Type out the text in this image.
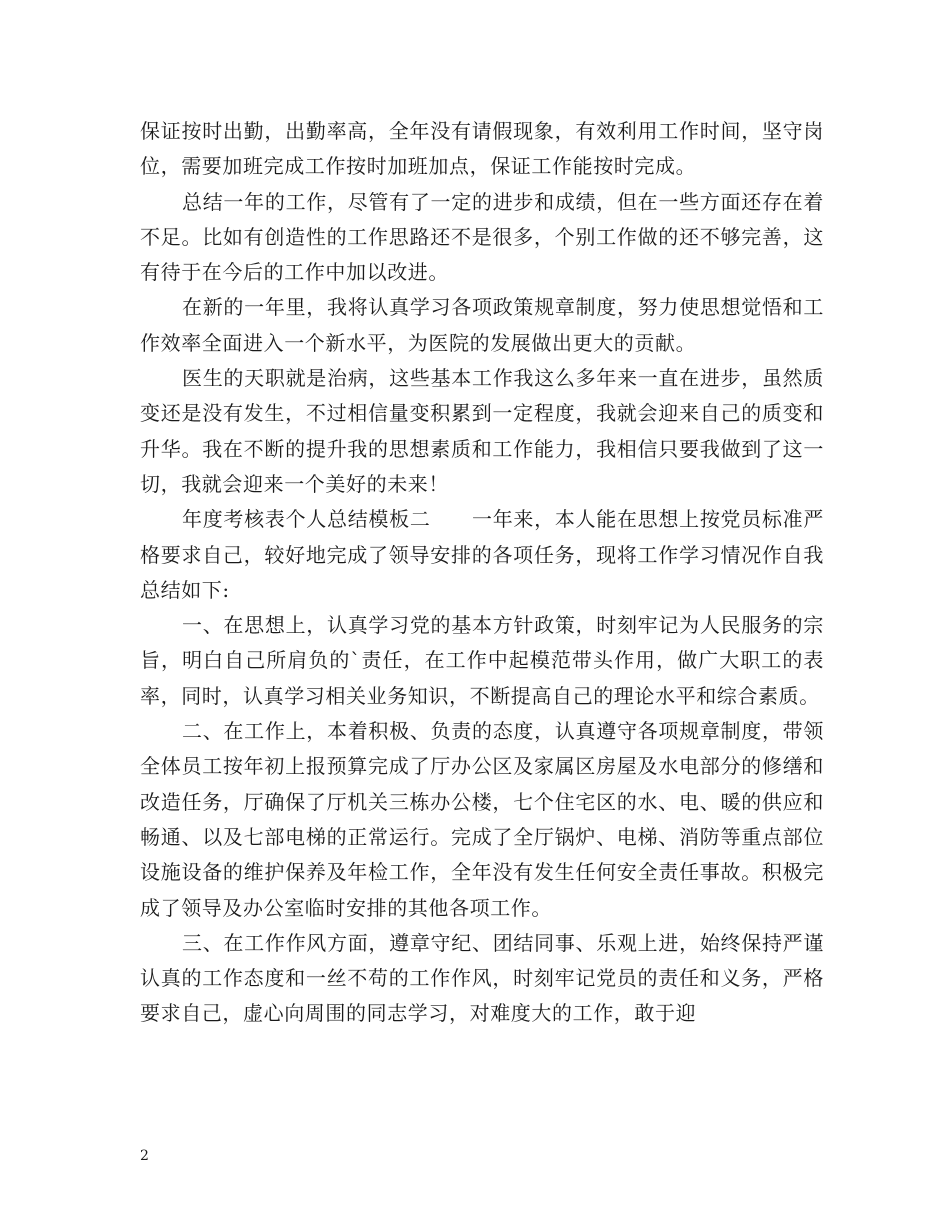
保证按时出勤，出勤率高，全年没有请假现象，有效利用工作时间，坚守岗位，需要加班完成工作按时加班加点，保证工作能按时完成。

总结一年的工作，尽管有了一定的进步和成绩，但在一些方面还存在着不足。比如有创造性的工作思路还不是很多，个别工作做的还不够完善，这有待于在今后的工作中加以改进。

在新的一年里，我将认真学习各项政策规章制度，努力使思想觉悟和工作效率全面进入一个新水平，为医院的发展做出更大的贡献。

医生的天职就是治病，这些基本工作我这么多年来一直在进步，虽然质变还是没有发生，不过相信量变积累到一定程度，我就会迎来自己的质变和升华。我在不断的提升我的思想素质和工作能力，我相信只要我做到了这一切，我就会迎来一个美好的未来！

年度考核表个人总结模板二　　一年来，本人能在思想上按党员标准严格要求自己，较好地完成了领导安排的各项任务，现将工作学习情况作自我总结如下:

一、在思想上，认真学习党的基本方针政策，时刻牢记为人民服务的宗旨，明白自己所肩负的`责任，在工作中起模范带头作用，做广大职工的表率，同时，认真学习相关业务知识，不断提高自己的理论水平和综合素质。

二、在工作上，本着积极、负责的态度，认真遵守各项规章制度，带领全体员工按年初上报预算完成了厅办公区及家属区房屋及水电部分的修缮和改造任务，厅确保了厅机关三栋办公楼，七个住宅区的水、电、暖的供应和畅通、以及七部电梯的正常运行。完成了全厅锅炉、电梯、消防等重点部位设施设备的维护保养及年检工作，全年没有发生任何安全责任事故。积极完成了领导及办公室临时安排的其他各项工作。

三、在工作作风方面，遵章守纪、团结同事、乐观上进，始终保持严谨认真的工作态度和一丝不苟的工作作风，时刻牢记党员的责任和义务，严格要求自己，虚心向周围的同志学习，对难度大的工作，敢于迎

2
